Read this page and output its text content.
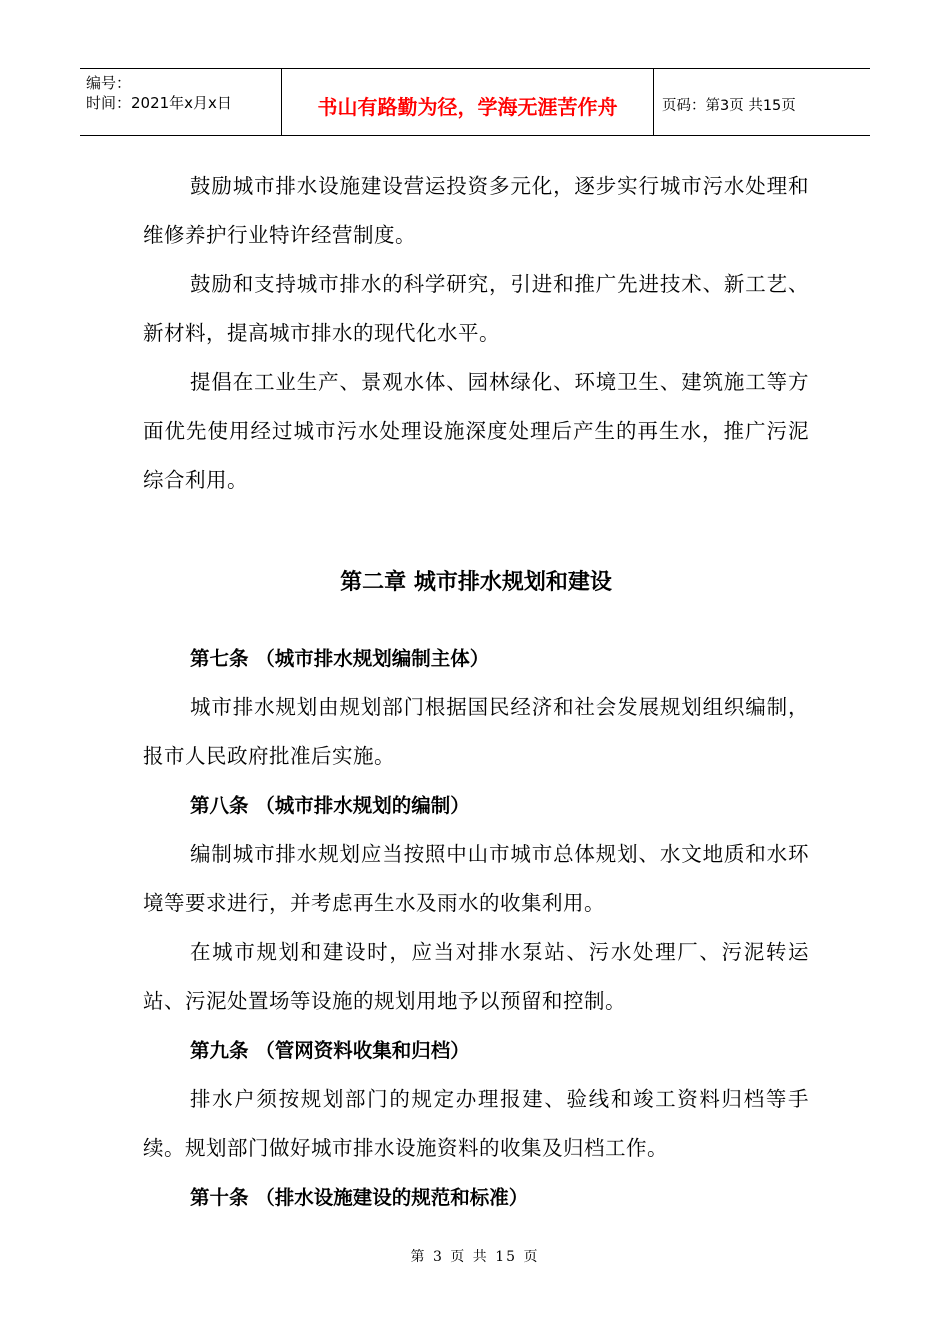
编号：
时间：2021年x月x日	书山有路勤为径，学海无涯苦作舟	页码：第3页 共15页

鼓励城市排水设施建设营运投资多元化，逐步实行城市污水处理和维修养护行业特许经营制度。

鼓励和支持城市排水的科学研究，引进和推广先进技术、新工艺、新材料，提高城市排水的现代化水平。

提倡在工业生产、景观水体、园林绿化、环境卫生、建筑施工等方面优先使用经过城市污水处理设施深度处理后产生的再生水，推广污泥综合利用。

第二章 城市排水规划和建设

第七条 （城市排水规划编制主体）

城市排水规划由规划部门根据国民经济和社会发展规划组织编制，报市人民政府批准后实施。

第八条 （城市排水规划的编制）

编制城市排水规划应当按照中山市城市总体规划、水文地质和水环境等要求进行，并考虑再生水及雨水的收集利用。

在城市规划和建设时，应当对排水泵站、污水处理厂、污泥转运站、污泥处置场等设施的规划用地予以预留和控制。

第九条 （管网资料收集和归档）

排水户须按规划部门的规定办理报建、验线和竣工资料归档等手续。规划部门做好城市排水设施资料的收集及归档工作。

第十条 （排水设施建设的规范和标准）

第 3 页 共 15 页
